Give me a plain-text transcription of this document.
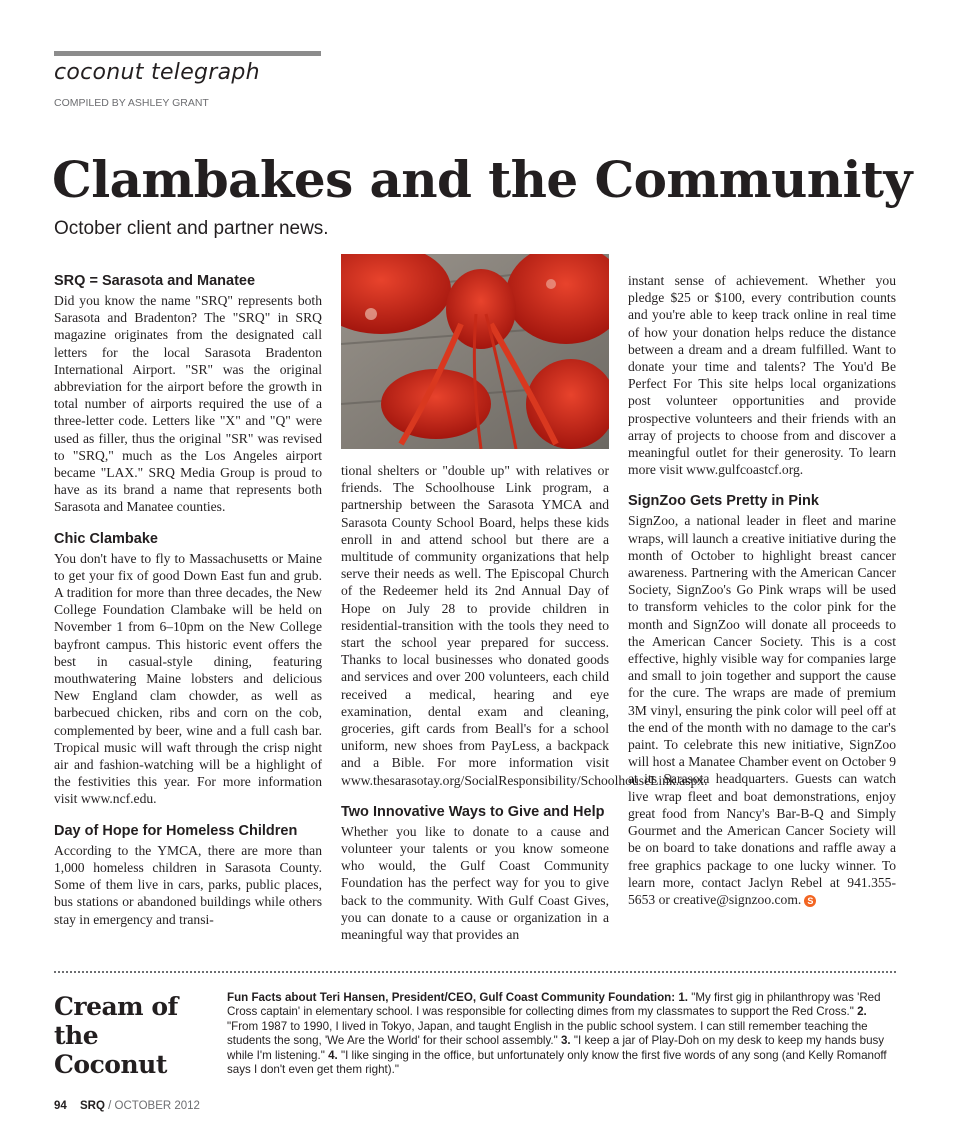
coconut telegraph
COMPILED BY ASHLEY GRANT
Clambakes and the Community
October client and partner news.
SRQ = Sarasota and Manatee

Did you know the name "SRQ" represents both Sarasota and Bradenton? The "SRQ" in SRQ magazine originates from the designated call letters for the local Sarasota Bradenton International Airport. "SR" was the original abbreviation for the airport before the growth in total number of airports required the use of a three-letter code. Letters like "X" and "Q" were used as filler, thus the original "SR" was revised to "SRQ," much as the Los Angeles airport became "LAX." SRQ Media Group is proud to have as its brand a name that represents both Sarasota and Manatee counties.

Chic Clambake

You don't have to fly to Massachusetts or Maine to get your fix of good Down East fun and grub. A tradition for more than three decades, the New College Foundation Clambake will be held on November 1 from 6–10pm on the New College bayfront campus. This historic event offers the best in casual-style dining, featuring mouthwatering Maine lobsters and delicious New England clam chowder, as well as barbecued chicken, ribs and corn on the cob, complemented by beer, wine and a full cash bar. Tropical music will waft through the crisp night air and fashion-watching will be a highlight of the festivities this year. For more information visit www.ncf.edu.

Day of Hope for Homeless Children

According to the YMCA, there are more than 1,000 homeless children in Sarasota County. Some of them live in cars, parks, public places, bus stations or abandoned buildings while others stay in emergency and transi-

tional shelters or "double up" with relatives or friends. The Schoolhouse Link program, a partnership between the Sarasota YMCA and Sarasota County School Board, helps these kids enroll in and attend school but there are a multitude of community organizations that help serve their needs as well. The Episcopal Church of the Redeemer held its 2nd Annual Day of Hope on July 28 to provide children in residential-transition with the tools they need to start the school year prepared for success. Thanks to local businesses who donated goods and services and over 200 volunteers, each child received a medical, hearing and eye examination, dental exam and cleaning, groceries, gift cards from Beall's for a school uniform, new shoes from PayLess, a backpack and a Bible. For more information visit www.thesarasotay.org/SocialResponsibility/SchoolhouseLink.aspx.

Two Innovative Ways to Give and Help

Whether you like to donate to a cause and volunteer your talents or you know someone who would, the Gulf Coast Community Foundation has the perfect way for you to give back to the community. With Gulf Coast Gives, you can donate to a cause or organization in a meaningful way that provides an

instant sense of achievement. Whether you pledge $25 or $100, every contribution counts and you're able to keep track online in real time of how your donation helps reduce the distance between a dream and a dream fulfilled. Want to donate your time and talents? The You'd Be Perfect For This site helps local organizations post volunteer opportunities and provide prospective volunteers and their friends with an array of projects to choose from and discover a meaningful outlet for their generosity. To learn more visit www.gulfcoastcf.org.

SignZoo Gets Pretty in Pink

SignZoo, a national leader in fleet and marine wraps, will launch a creative initiative during the month of October to highlight breast cancer awareness. Partnering with the American Cancer Society, SignZoo's Go Pink wraps will be used to transform vehicles to the color pink for the month and SignZoo will donate all proceeds to the American Cancer Society. This is a cost effective, highly visible way for companies large and small to join together and support the cause for the cure. The wraps are made of premium 3M vinyl, ensuring the pink color will peel off at the end of the month with no damage to the car's paint. To celebrate this new initiative, SignZoo will host a Manatee Chamber event on October 9 at its Sarasota headquarters. Guests can watch live wrap fleet and boat demonstrations, enjoy great food from Nancy's Bar-B-Q and Simply Gourmet and the American Cancer Society will be on board to take donations and raffle away a free graphics package to one lucky winner. To learn more, contact Jaclyn Rebel at 941.355-5653 or creative@signzoo.com. S

Cream of the Coconut
Fun Facts about Teri Hansen, President/CEO, Gulf Coast Community Foundation: 1. "My first gig in philanthropy was 'Red Cross captain' in elementary school. I was responsible for collecting dimes from my classmates to support the Red Cross." 2. "From 1987 to 1990, I lived in Tokyo, Japan, and taught English in the public school system. I can still remember teaching the students the song, 'We Are the World' for their school assembly." 3. "I keep a jar of Play-Doh on my desk to keep my hands busy while I'm listening." 4. "I like singing in the office, but unfortunately only know the first five words of any song (and Kelly Romanoff says I don't even get them right)."
94 SRQ / OCTOBER 2012
